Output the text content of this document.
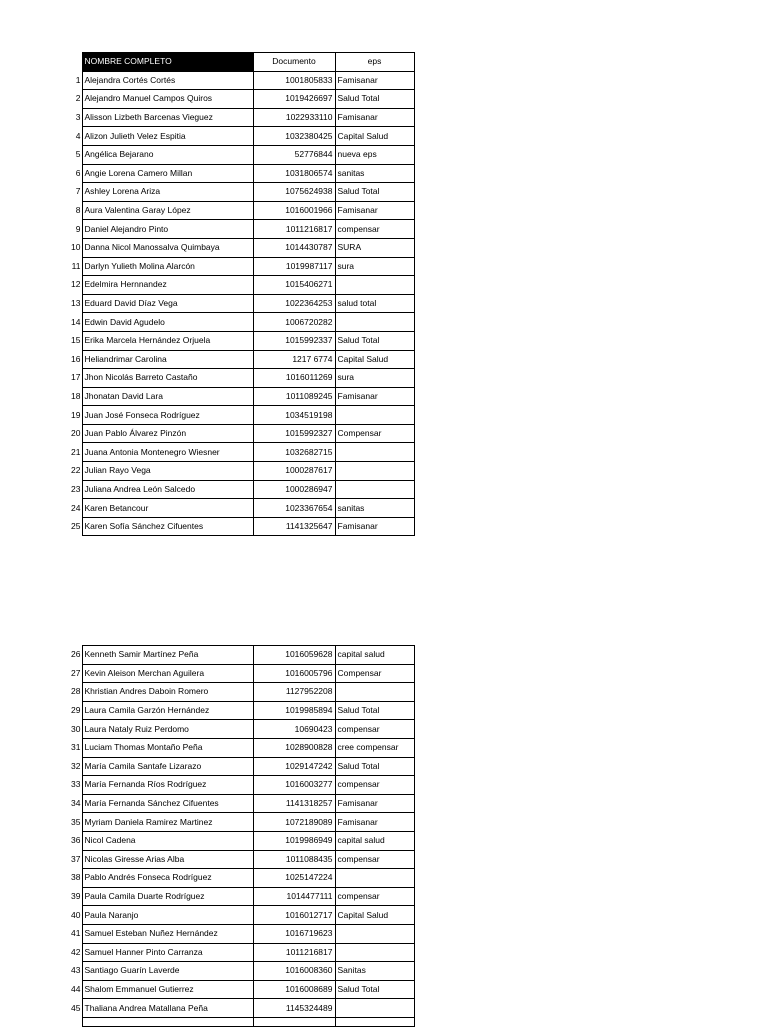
	NOMBRE COMPLETO	Documento	eps
1	Alejandra Cortés Cortés	1001805833	Famisanar
2	Alejandro Manuel Campos Quiros	1019426697	Salud Total
3	Alisson Lizbeth Barcenas Vieguez	1022933110	Famisanar
4	Alizon Julieth Velez Espitia	1032380425	Capital Salud
5	Angélica Bejarano	52776844	nueva eps
6	Angie Lorena Camero Millan	1031806574	sanitas
7	Ashley Lorena Ariza	1075624938	Salud Total
8	Aura Valentina Garay López	1016001966	Famisanar
9	Daniel Alejandro Pinto	1011216817	compensar
10	Danna Nicol Manossalva Quimbaya	1014430787	SURA
11	Darlyn Yulieth Molina Alarcón	1019987117	sura
12	Edelmira Hernnandez	1015406271	
13	Eduard David Díaz Vega	1022364253	salud total
14	Edwin David Agudelo	1006720282	
15	Erika Marcela Hernández Orjuela	1015992337	Salud Total
16	Heliandrimar Carolina	1217 6774	Capital Salud
17	Jhon Nicolás Barreto Castaño	1016011269	sura
18	Jhonatan David Lara	1011089245	Famisanar
19	Juan José Fonseca Rodríguez	1034519198	
20	Juan Pablo Álvarez Pinzón	1015992327	Compensar
21	Juana Antonia Montenegro Wiesner	1032682715	
22	Julian Rayo Vega	1000287617	
23	Juliana Andrea León Salcedo	1000286947	
24	Karen Betancour	1023367654	sanitas
25	Karen Sofía Sánchez Cifuentes	1141325647	Famisanar
26	Kenneth Samir Martínez Peña	1016059628	capital salud
27	Kevin Aleison Merchan Aguilera	1016005796	Compensar
28	Khristian Andres Daboin Romero	1127952208	
29	Laura Camila Garzón Hernández	1019985894	Salud Total
30	Laura Nataly Ruiz Perdomo	10690423	compensar
31	Luciam Thomas Montaño Peña	1028900828	cree compensar
32	María Camila Santafe Lizarazo	1029147242	Salud Total
33	María Fernanda Ríos Rodríguez	1016003277	compensar
34	María Fernanda Sánchez Cifuentes	1141318257	Famisanar
35	Myriam Daniela Ramirez Martinez	1072189089	Famisanar
36	Nicol Cadena	1019986949	capital salud
37	Nicolas Giresse Arias Alba	1011088435	compensar
38	Pablo Andrés Fonseca Rodríguez	1025147224	
39	Paula Camila Duarte Rodríguez	1014477111	compensar
40	Paula Naranjo	1016012717	Capital Salud
41	Samuel Esteban Nuñez Hernández	1016719623	
42	Samuel Hanner Pinto Carranza	1011216817	
43	Santiago Guarín Laverde	1016008360	Sanitas
44	Shalom Emmanuel Gutierrez	1016008689	Salud Total
45	Thaliana Andrea Matallana Peña	1145324489	
